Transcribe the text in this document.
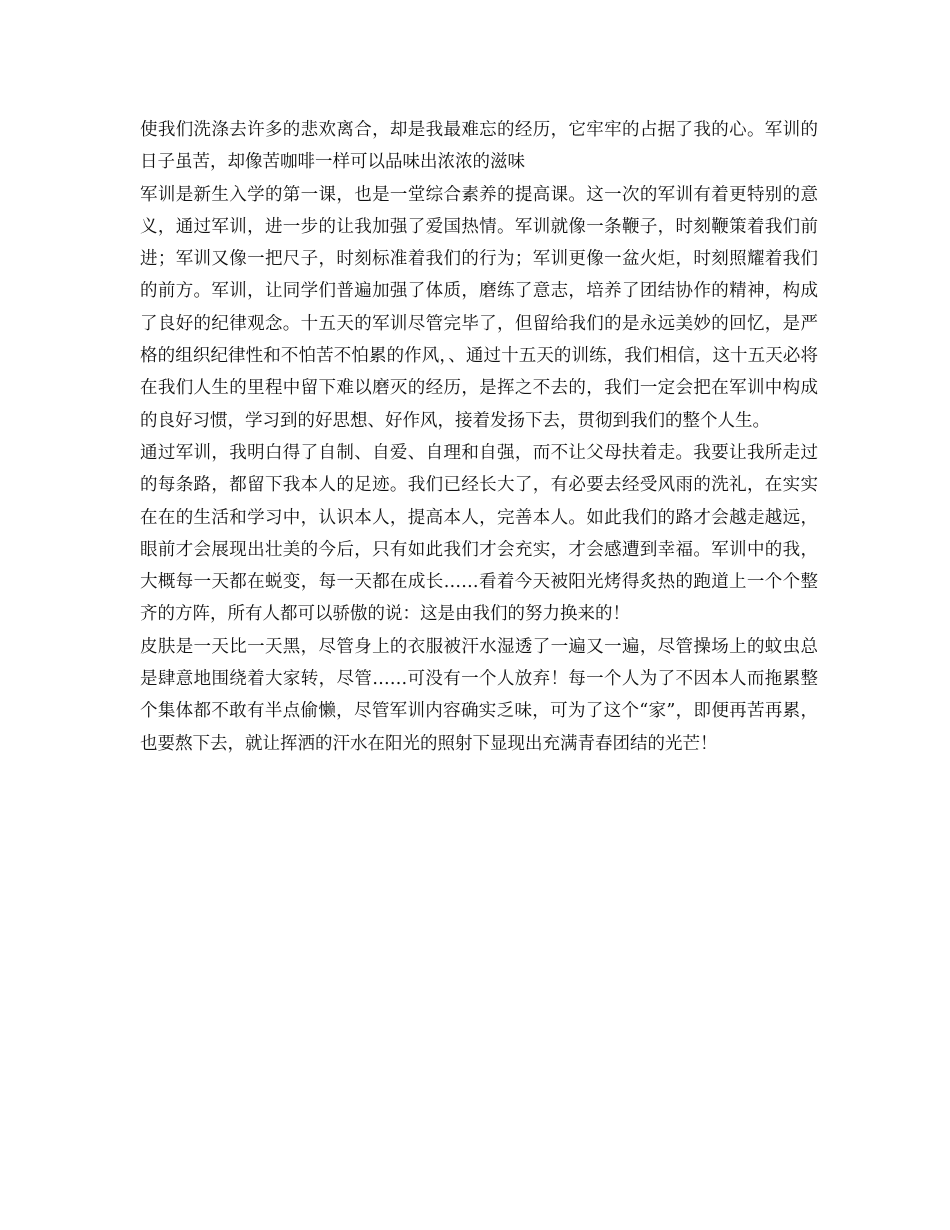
使我们洗涤去许多的悲欢离合，却是我最难忘的经历，它牢牢的占据了我的心。军训的日子虽苦，却像苦咖啡一样可以品味出浓浓的滋味

军训是新生入学的第一课，也是一堂综合素养的提高课。这一次的军训有着更特别的意义，通过军训，进一步的让我加强了爱国热情。军训就像一条鞭子，时刻鞭策着我们前进；军训又像一把尺子，时刻标准着我们的行为；军训更像一盆火炬，时刻照耀着我们的前方。军训，让同学们普遍加强了体质，磨练了意志，培养了团结协作的精神，构成了良好的纪律观念。十五天的军训尽管完毕了，但留给我们的是永远美妙的回忆，是严格的组织纪律性和不怕苦不怕累的作风，、通过十五天的训练，我们相信，这十五天必将在我们人生的里程中留下难以磨灭的经历，是挥之不去的，我们一定会把在军训中构成的良好习惯，学习到的好思想、好作风，接着发扬下去，贯彻到我们的整个人生。

通过军训，我明白得了自制、自爱、自理和自强，而不让父母扶着走。我要让我所走过的每条路，都留下我本人的足迹。我们已经长大了，有必要去经受风雨的洗礼，在实实在在的生活和学习中，认识本人，提高本人，完善本人。如此我们的路才会越走越远，眼前才会展现出壮美的今后，只有如此我们才会充实，才会感遭到幸福。军训中的我，大概每一天都在蜕变，每一天都在成长……看着今天被阳光烤得炙热的跑道上一个个整齐的方阵，所有人都可以骄傲的说：这是由我们的努力换来的！

皮肤是一天比一天黑，尽管身上的衣服被汗水湿透了一遍又一遍，尽管操场上的蚊虫总是肆意地围绕着大家转，尽管……可没有一个人放弃！每一个人为了不因本人而拖累整个集体都不敢有半点偷懒，尽管军训内容确实乏味，可为了这个“家”，即便再苦再累，也要熬下去，就让挥洒的汗水在阳光的照射下显现出充满青春团结的光芒！
